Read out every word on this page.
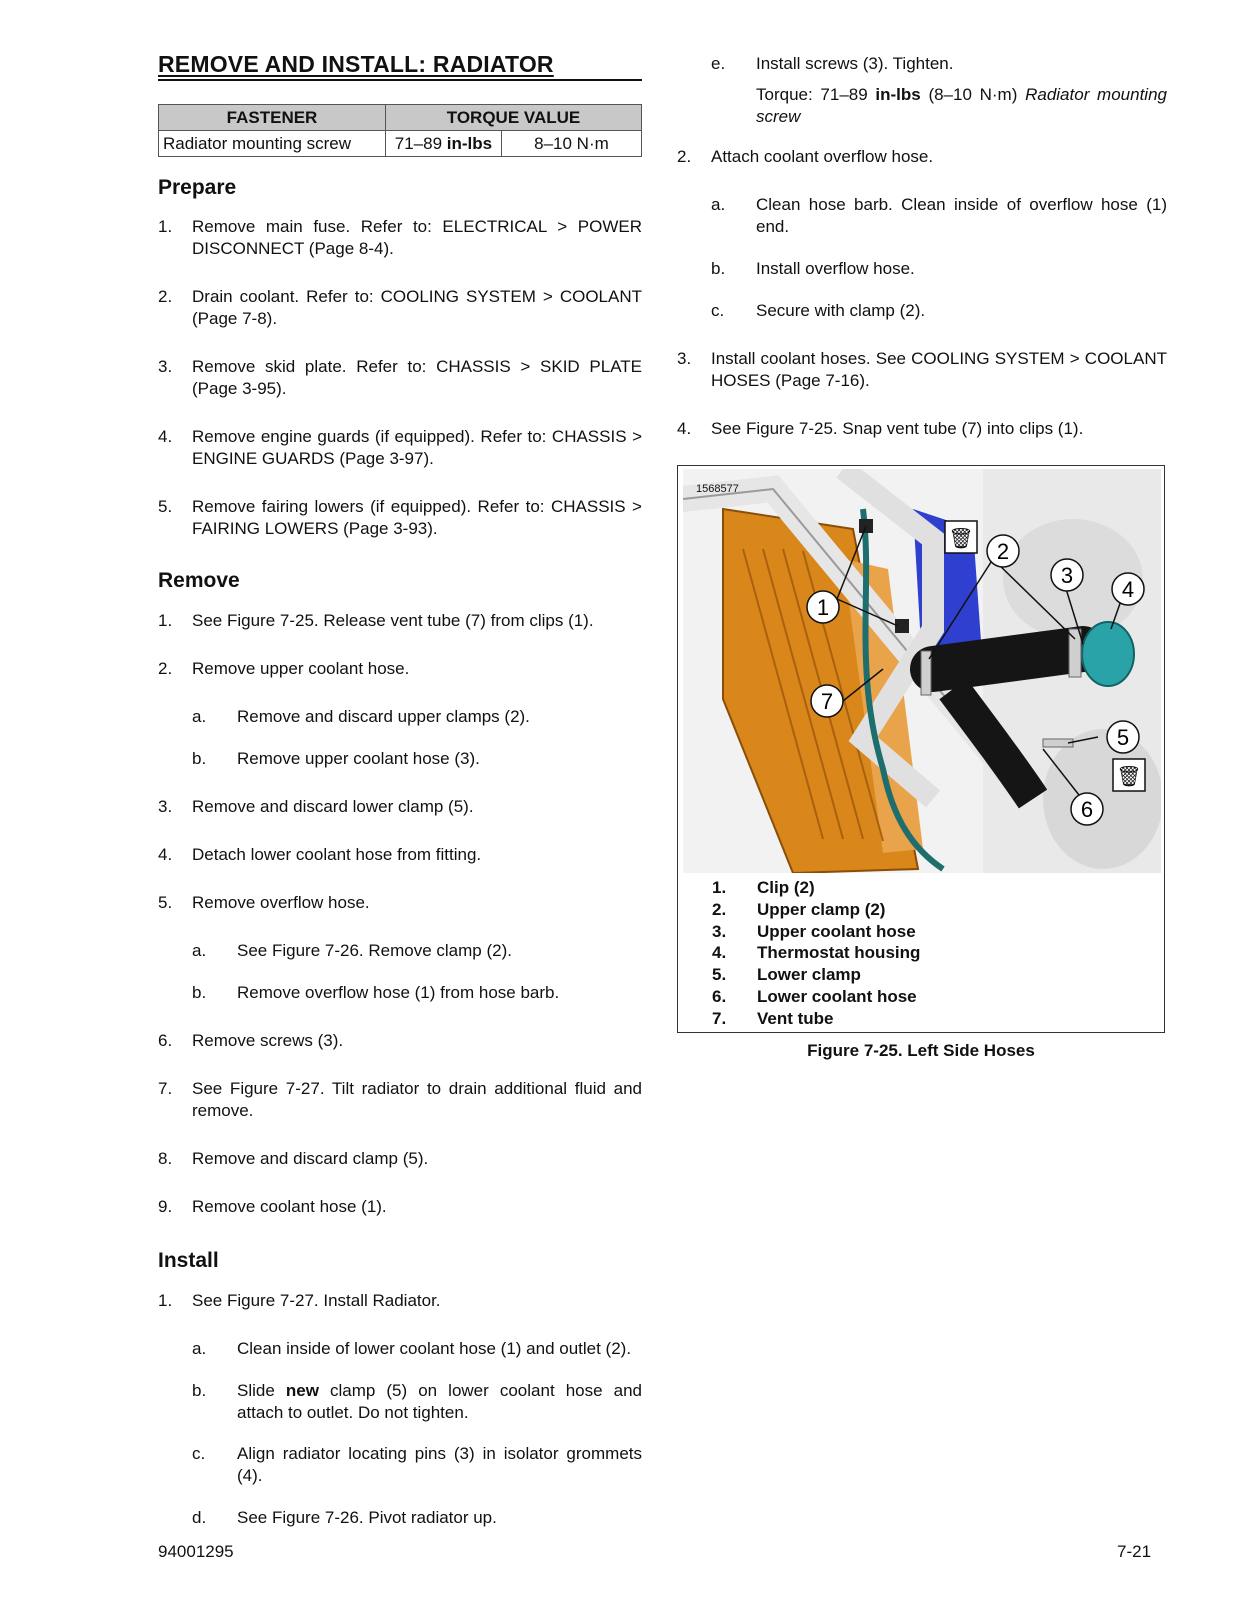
REMOVE AND INSTALL: RADIATOR
FASTENER	TORQUE VALUE	
Radiator mounting screw	71–89 in-lbs	8–10 N·m
Prepare
1. Remove main fuse. Refer to: ELECTRICAL > POWER DISCONNECT (Page 8-4).
2. Drain coolant. Refer to: COOLING SYSTEM > COOLANT (Page 7-8).
3. Remove skid plate. Refer to: CHASSIS > SKID PLATE (Page 3-95).
4. Remove engine guards (if equipped). Refer to: CHASSIS > ENGINE GUARDS (Page 3-97).
5. Remove fairing lowers (if equipped). Refer to: CHASSIS > FAIRING LOWERS (Page 3-93).
Remove
1. See Figure 7-25. Release vent tube (7) from clips (1).
2. Remove upper coolant hose.
a. Remove and discard upper clamps (2).
b. Remove upper coolant hose (3).
3. Remove and discard lower clamp (5).
4. Detach lower coolant hose from fitting.
5. Remove overflow hose.
a. See Figure 7-26. Remove clamp (2).
b. Remove overflow hose (1) from hose barb.
6. Remove screws (3).
7. See Figure 7-27. Tilt radiator to drain additional fluid and remove.
8. Remove and discard clamp (5).
9. Remove coolant hose (1).
Install
1. See Figure 7-27. Install Radiator.
a. Clean inside of lower coolant hose (1) and outlet (2).
b. Slide new clamp (5) on lower coolant hose and attach to outlet. Do not tighten.
c. Align radiator locating pins (3) in isolator grommets (4).
d. See Figure 7-26. Pivot radiator up.
e. Install screws (3). Tighten.
Torque: 71–89 in-lbs (8–10 N·m) Radiator mounting screw
2. Attach coolant overflow hose.
a. Clean hose barb. Clean inside of overflow hose (1) end.
b. Install overflow hose.
c. Secure with clamp (2).
3. Install coolant hoses. See COOLING SYSTEM > COOLANT HOSES (Page 7-16).
4. See Figure 7-25. Snap vent tube (7) into clips (1).
1568577
🗑
🗑
1
2
3
4
5
6
7
1. Clip (2)
2. Upper clamp (2)
3. Upper coolant hose
4. Thermostat housing
5. Lower clamp
6. Lower coolant hose
7. Vent tube
Figure 7-25. Left Side Hoses
94001295	7-21
